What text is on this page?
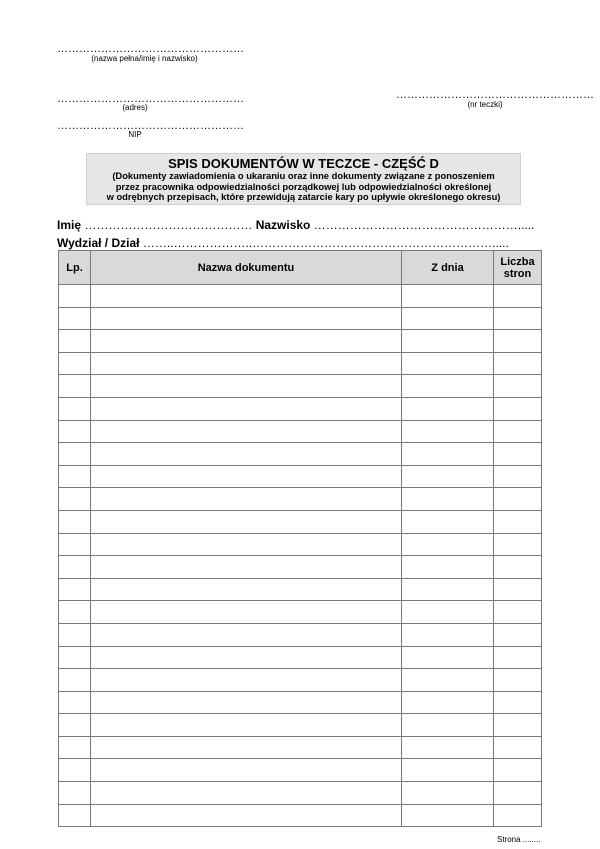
……………………………………………
(nazwa pełna/imię i nazwisko)
……………………………………………
(adres)
………………………………………………
(nr teczki)
……………………………………………
NIP
SPIS DOKUMENTÓW W TECZCE - CZĘŚĆ D
(Dokumenty zawiadomienia o ukaraniu oraz inne dokumenty związane z ponoszeniem
przez pracownika odpowiedzialności porządkowej lub odpowiedzialności określonej
w odrębnych przepisach, które przewidują zatarcie kary po upływie określonego okresu)
Imię …………………………………… Nazwisko …………………………………………….....
Wydział / Dział ……..………………..…………………………………………………….....
Lp.	Nazwa dokumentu	Z dnia	Liczba
stron

Strona ........
